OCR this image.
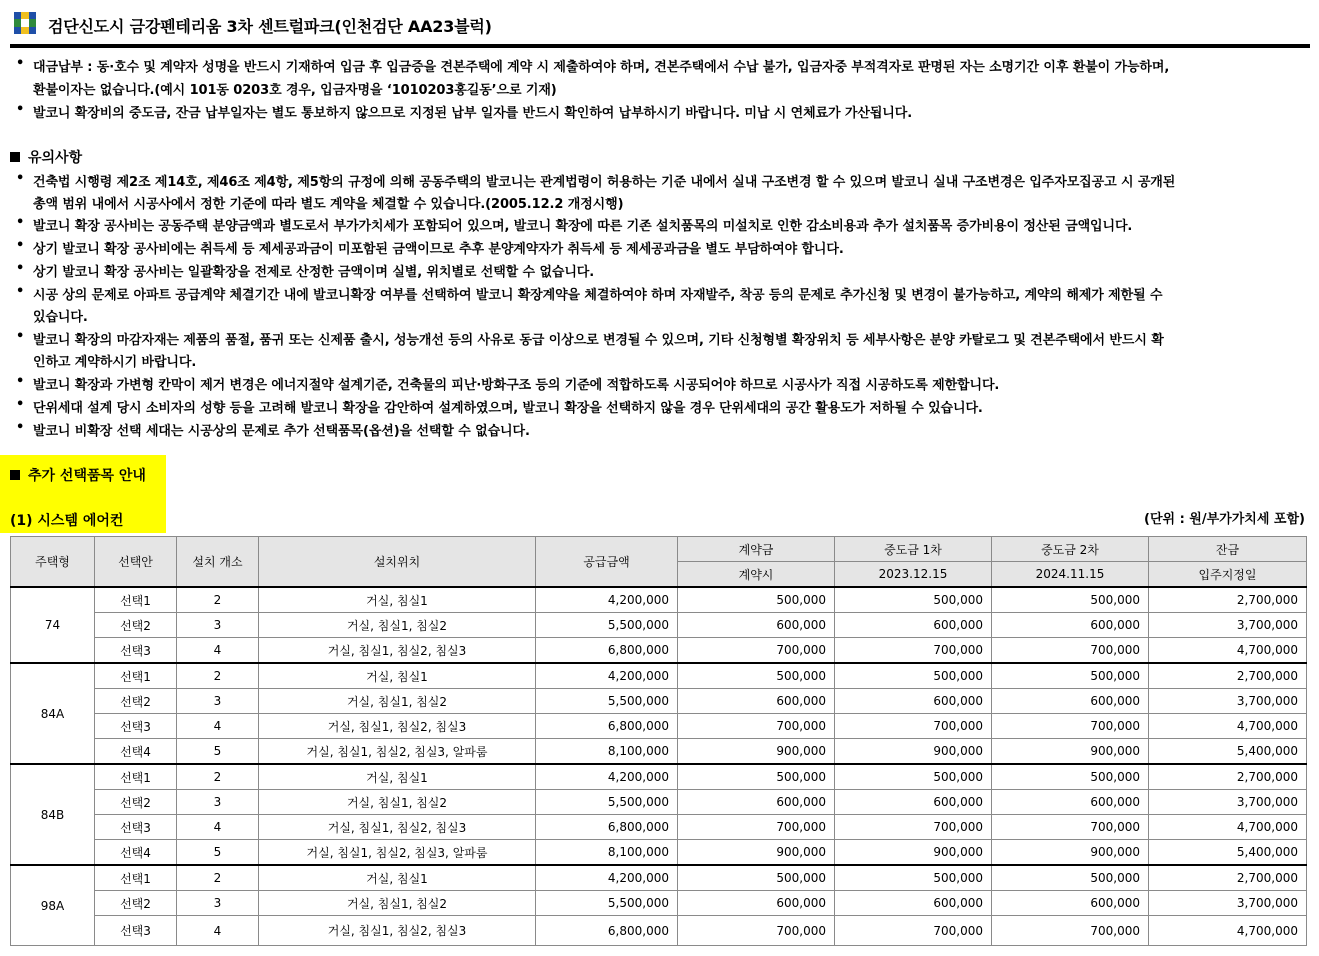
검단신도시 금강펜테리움 3차 센트럴파크(인천검단 AA23블럭)
• 대금납부 : 동·호수 및 계약자 성명을 반드시 기재하여 입금 후 입금증을 견본주택에 계약 시 제출하여야 하며, 견본주택에서 수납 불가, 입금자중 부적격자로 판명된 자는 소명기간 이후 환불이 가능하며,
환불이자는 없습니다.(예시 101동 0203호 경우, 입금자명을 ‘1010203홍길동’으로 기재)
• 발코니 확장비의 중도금, 잔금 납부일자는 별도 통보하지 않으므로 지정된 납부 일자를 반드시 확인하여 납부하시기 바랍니다. 미납 시 연체료가 가산됩니다.
유의사항
• 건축법 시행령 제2조 제14호, 제46조 제4항, 제5항의 규정에 의해 공동주택의 발코니는 관계법령이 허용하는 기준 내에서 실내 구조변경 할 수 있으며 발코니 실내 구조변경은 입주자모집공고 시 공개된
총액 범위 내에서 시공사에서 정한 기준에 따라 별도 계약을 체결할 수 있습니다.(2005.12.2 개정시행)
• 발코니 확장 공사비는 공동주택 분양금액과 별도로서 부가가치세가 포함되어 있으며, 발코니 확장에 따른 기존 설치품목의 미설치로 인한 감소비용과 추가 설치품목 증가비용이 정산된 금액입니다.
• 상기 발코니 확장 공사비에는 취득세 등 제세공과금이 미포함된 금액이므로 추후 분양계약자가 취득세 등 제세공과금을 별도 부담하여야 합니다.
• 상기 발코니 확장 공사비는 일괄확장을 전제로 산정한 금액이며 실별, 위치별로 선택할 수 없습니다.
• 시공 상의 문제로 아파트 공급계약 체결기간 내에 발코니확장 여부를 선택하여 발코니 확장계약을 체결하여야 하며 자재발주, 착공 등의 문제로 추가신청 및 변경이 불가능하고, 계약의 해제가 제한될 수
있습니다.
• 발코니 확장의 마감자재는 제품의 품절, 품귀 또는 신제품 출시, 성능개선 등의 사유로 동급 이상으로 변경될 수 있으며, 기타 신청형별 확장위치 등 세부사항은 분양 카탈로그 및 견본주택에서 반드시 확
인하고 계약하시기 바랍니다.
• 발코니 확장과 가변형 칸막이 제거 변경은 에너지절약 설계기준, 건축물의 피난·방화구조 등의 기준에 적합하도록 시공되어야 하므로 시공사가 직접 시공하도록 제한합니다.
• 단위세대 설계 당시 소비자의 성향 등을 고려해 발코니 확장을 감안하여 설계하였으며, 발코니 확장을 선택하지 않을 경우 단위세대의 공간 활용도가 저하될 수 있습니다.
• 발코니 비확장 선택 세대는 시공상의 문제로 추가 선택품목(옵션)을 선택할 수 없습니다.
추가 선택품목 안내
(1) 시스템 에어컨	(단위 : 원/부가가치세 포함)
주택형	선택안	설치 개소	설치위치	공급금액	계약금	중도금 1차	중도금 2차	잔금
					계약시	2023.12.15	2024.11.15	입주지정일
74	선택1	2	거실, 침실1	4,200,000	500,000	500,000	500,000	2,700,000
	선택2	3	거실, 침실1, 침실2	5,500,000	600,000	600,000	600,000	3,700,000
	선택3	4	거실, 침실1, 침실2, 침실3	6,800,000	700,000	700,000	700,000	4,700,000
84A	선택1	2	거실, 침실1	4,200,000	500,000	500,000	500,000	2,700,000
	선택2	3	거실, 침실1, 침실2	5,500,000	600,000	600,000	600,000	3,700,000
	선택3	4	거실, 침실1, 침실2, 침실3	6,800,000	700,000	700,000	700,000	4,700,000
	선택4	5	거실, 침실1, 침실2, 침실3, 알파룸	8,100,000	900,000	900,000	900,000	5,400,000
84B	선택1	2	거실, 침실1	4,200,000	500,000	500,000	500,000	2,700,000
	선택2	3	거실, 침실1, 침실2	5,500,000	600,000	600,000	600,000	3,700,000
	선택3	4	거실, 침실1, 침실2, 침실3	6,800,000	700,000	700,000	700,000	4,700,000
	선택4	5	거실, 침실1, 침실2, 침실3, 알파룸	8,100,000	900,000	900,000	900,000	5,400,000
98A	선택1	2	거실, 침실1	4,200,000	500,000	500,000	500,000	2,700,000
	선택2	3	거실, 침실1, 침실2	5,500,000	600,000	600,000	600,000	3,700,000
	선택3	4	거실, 침실1, 침실2, 침실3	6,800,000	700,000	700,000	700,000	4,700,000
